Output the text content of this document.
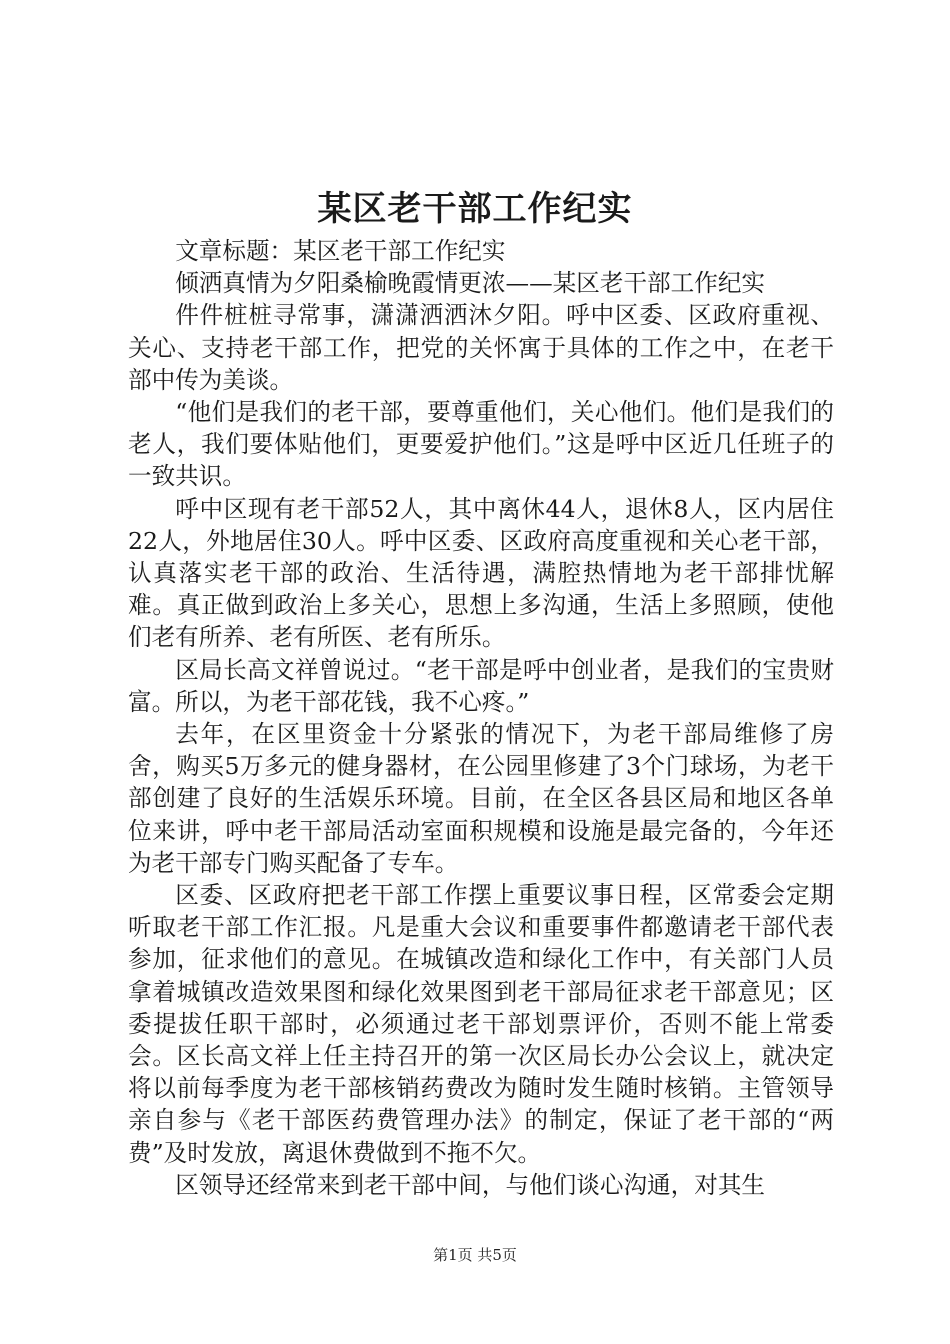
某区老干部工作纪实

文章标题：某区老干部工作纪实

倾洒真情为夕阳桑榆晚霞情更浓——某区老干部工作纪实

件件桩桩寻常事，潇潇洒洒沐夕阳。呼中区委、区政府重视、关心、支持老干部工作，把党的关怀寓于具体的工作之中，在老干部中传为美谈。

“他们是我们的老干部，要尊重他们，关心他们。他们是我们的老人，我们要体贴他们，更要爱护他们。”这是呼中区近几任班子的一致共识。

呼中区现有老干部52人，其中离休44人，退休8人，区内居住22人，外地居住30人。呼中区委、区政府高度重视和关心老干部，认真落实老干部的政治、生活待遇，满腔热情地为老干部排忧解难。真正做到政治上多关心，思想上多沟通，生活上多照顾，使他们老有所养、老有所医、老有所乐。

区局长高文祥曾说过。“老干部是呼中创业者，是我们的宝贵财富。所以，为老干部花钱，我不心疼。”

去年，在区里资金十分紧张的情况下，为老干部局维修了房舍，购买5万多元的健身器材，在公园里修建了3个门球场，为老干部创建了良好的生活娱乐环境。目前，在全区各县区局和地区各单位来讲，呼中老干部局活动室面积规模和设施是最完备的，今年还为老干部专门购买配备了专车。

区委、区政府把老干部工作摆上重要议事日程，区常委会定期听取老干部工作汇报。凡是重大会议和重要事件都邀请老干部代表参加，征求他们的意见。在城镇改造和绿化工作中，有关部门人员拿着城镇改造效果图和绿化效果图到老干部局征求老干部意见；区委提拔任职干部时，必须通过老干部划票评价，否则不能上常委会。区长高文祥上任主持召开的第一次区局长办公会议上，就决定将以前每季度为老干部核销药费改为随时发生随时核销。主管领导亲自参与《老干部医药费管理办法》的制定，保证了老干部的“两费”及时发放，离退休费做到不拖不欠。

区领导还经常来到老干部中间，与他们谈心沟通，对其生

第1页 共5页
